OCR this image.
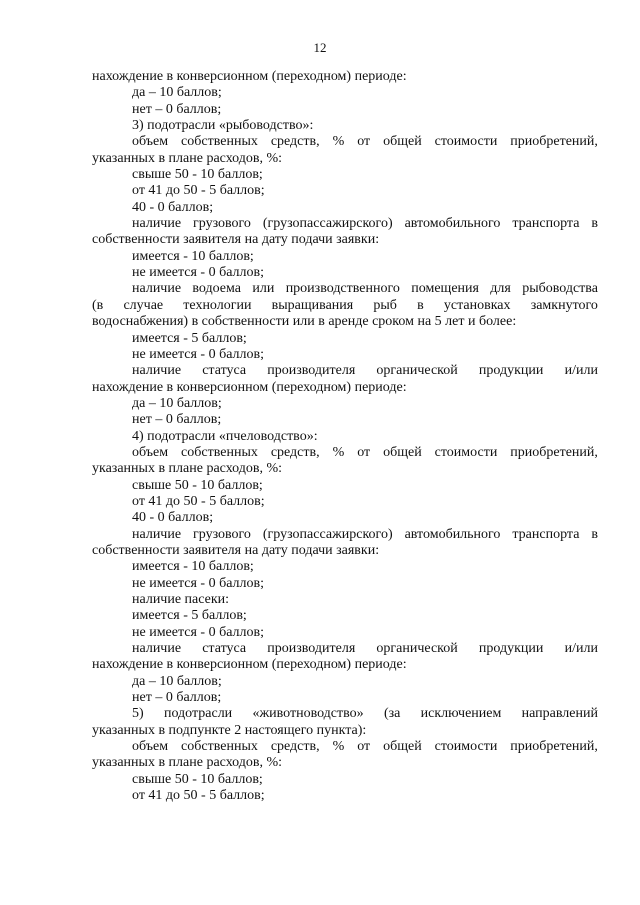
12
нахождение в конверсионном (переходном) периоде:
да – 10 баллов;
нет – 0 баллов;
3) подотрасли «рыбоводство»:
объем собственных средств, % от общей стоимости приобретений,
указанных в плане расходов, %:
свыше 50 - 10 баллов;
от 41 до 50 - 5 баллов;
40 - 0 баллов;
наличие грузового (грузопассажирского) автомобильного транспорта в
собственности заявителя на дату подачи заявки:
имеется - 10 баллов;
не имеется - 0 баллов;
наличие водоема или производственного помещения для рыбоводства
(в случае технологии выращивания рыб в установках замкнутого
водоснабжения) в собственности или в аренде сроком на 5 лет и более:
имеется - 5 баллов;
не имеется - 0 баллов;
наличие статуса производителя органической продукции и/или
нахождение в конверсионном (переходном) периоде:
да – 10 баллов;
нет – 0 баллов;
4) подотрасли «пчеловодство»:
объем собственных средств, % от общей стоимости приобретений,
указанных в плане расходов, %:
свыше 50 - 10 баллов;
от 41 до 50 - 5 баллов;
40 - 0 баллов;
наличие грузового (грузопассажирского) автомобильного транспорта в
собственности заявителя на дату подачи заявки:
имеется - 10 баллов;
не имеется - 0 баллов;
наличие пасеки:
имеется - 5 баллов;
не имеется - 0 баллов;
наличие статуса производителя органической продукции и/или
нахождение в конверсионном (переходном) периоде:
да – 10 баллов;
нет – 0 баллов;
5) подотрасли «животноводство» (за исключением направлений
указанных в подпункте 2 настоящего пункта):
объем собственных средств, % от общей стоимости приобретений,
указанных в плане расходов, %:
свыше 50 - 10 баллов;
от 41 до 50 - 5 баллов;
